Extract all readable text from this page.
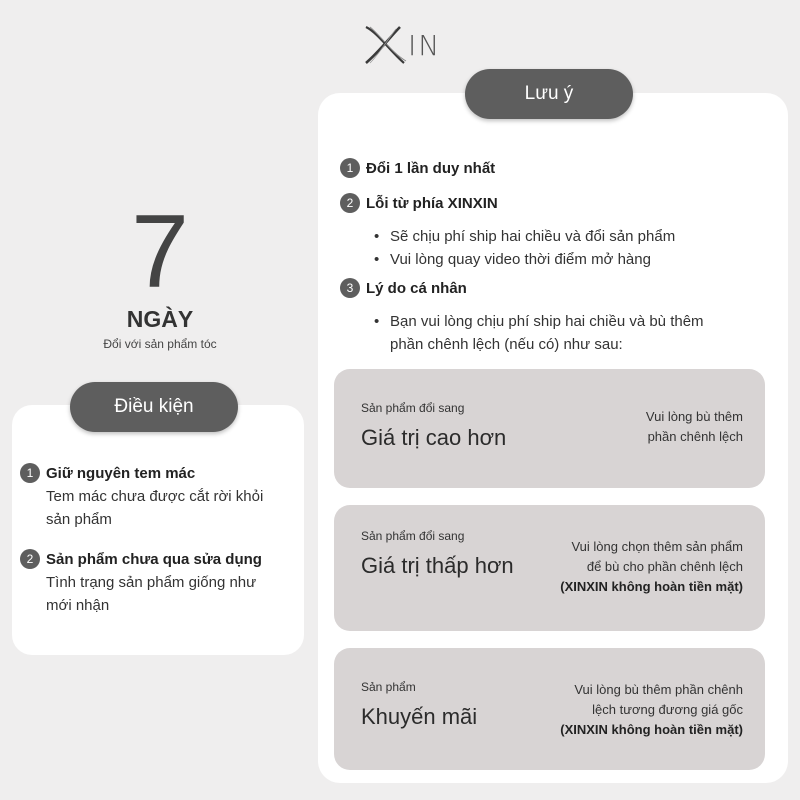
IN
7
NGÀY
Đổi với sản phẩm tóc
Điều kiện
1 Giữ nguyên tem mác
Tem mác chưa được cắt rời khỏi
sản phẩm
2 Sản phẩm chưa qua sửa dụng
Tình trạng sản phẩm giống như
mới nhận
Lưu ý
1 Đổi 1 lần duy nhất
2 Lỗi từ phía XINXIN
• Sẽ chịu phí ship hai chiều và đổi sản phẩm
• Vui lòng quay video thời điểm mở hàng
3 Lý do cá nhân
• Bạn vui lòng chịu phí ship hai chiều và bù thêm
phần chênh lệch (nếu có) như sau:
Sản phẩm đổi sang
Giá trị cao hơn
Vui lòng bù thêm
phần chênh lệch
Sản phẩm đổi sang
Giá trị thấp hơn
Vui lòng chọn thêm sản phẩm
để bù cho phần chênh lệch
(XINXIN không hoàn tiền mặt)
Sản phẩm
Khuyến mãi
Vui lòng bù thêm phần chênh
lệch tương đương giá gốc
(XINXIN không hoàn tiền mặt)
